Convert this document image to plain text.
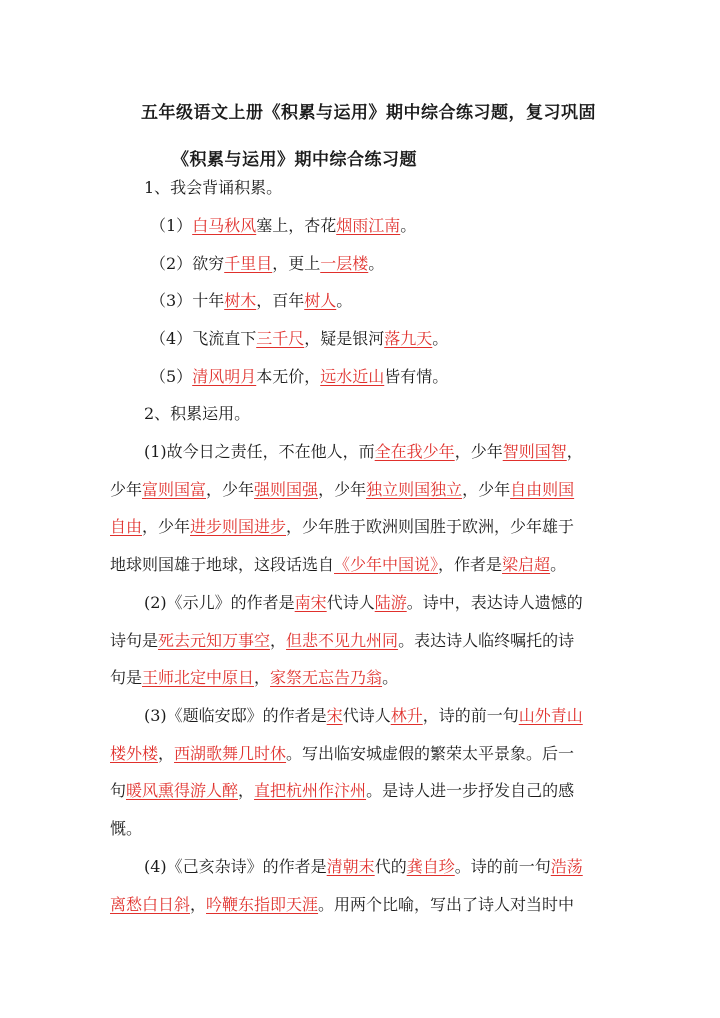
五年级语文上册《积累与运用》期中综合练习题，复习巩固
《积累与运用》期中综合练习题
1、我会背诵积累。
（1）白马秋风塞上，杏花烟雨江南。
（2）欲穷千里目，更上一层楼。
（3）十年树木，百年树人。
（4）飞流直下三千尺，疑是银河落九天。
（5）清风明月本无价，远水近山皆有情。
2、积累运用。
(1)故今日之责任，不在他人，而全在我少年，少年智则国智，
少年富则国富，少年强则国强，少年独立则国独立，少年自由则国
自由，少年进步则国进步，少年胜于欧洲则国胜于欧洲，少年雄于
地球则国雄于地球，这段话选自《少年中国说》，作者是梁启超。
(2)《示儿》的作者是南宋代诗人陆游。诗中，表达诗人遗憾的
诗句是死去元知万事空，但悲不见九州同。表达诗人临终嘱托的诗
句是王师北定中原日，家祭无忘告乃翁。
(3)《题临安邸》的作者是宋代诗人林升，诗的前一句山外青山
楼外楼，西湖歌舞几时休。写出临安城虚假的繁荣太平景象。后一
句暖风熏得游人醉，直把杭州作汴州。是诗人进一步抒发自己的感
慨。
(4)《己亥杂诗》的作者是清朝末代的龚自珍。诗的前一句浩荡
离愁白日斜，吟鞭东指即天涯。用两个比喻，写出了诗人对当时中
